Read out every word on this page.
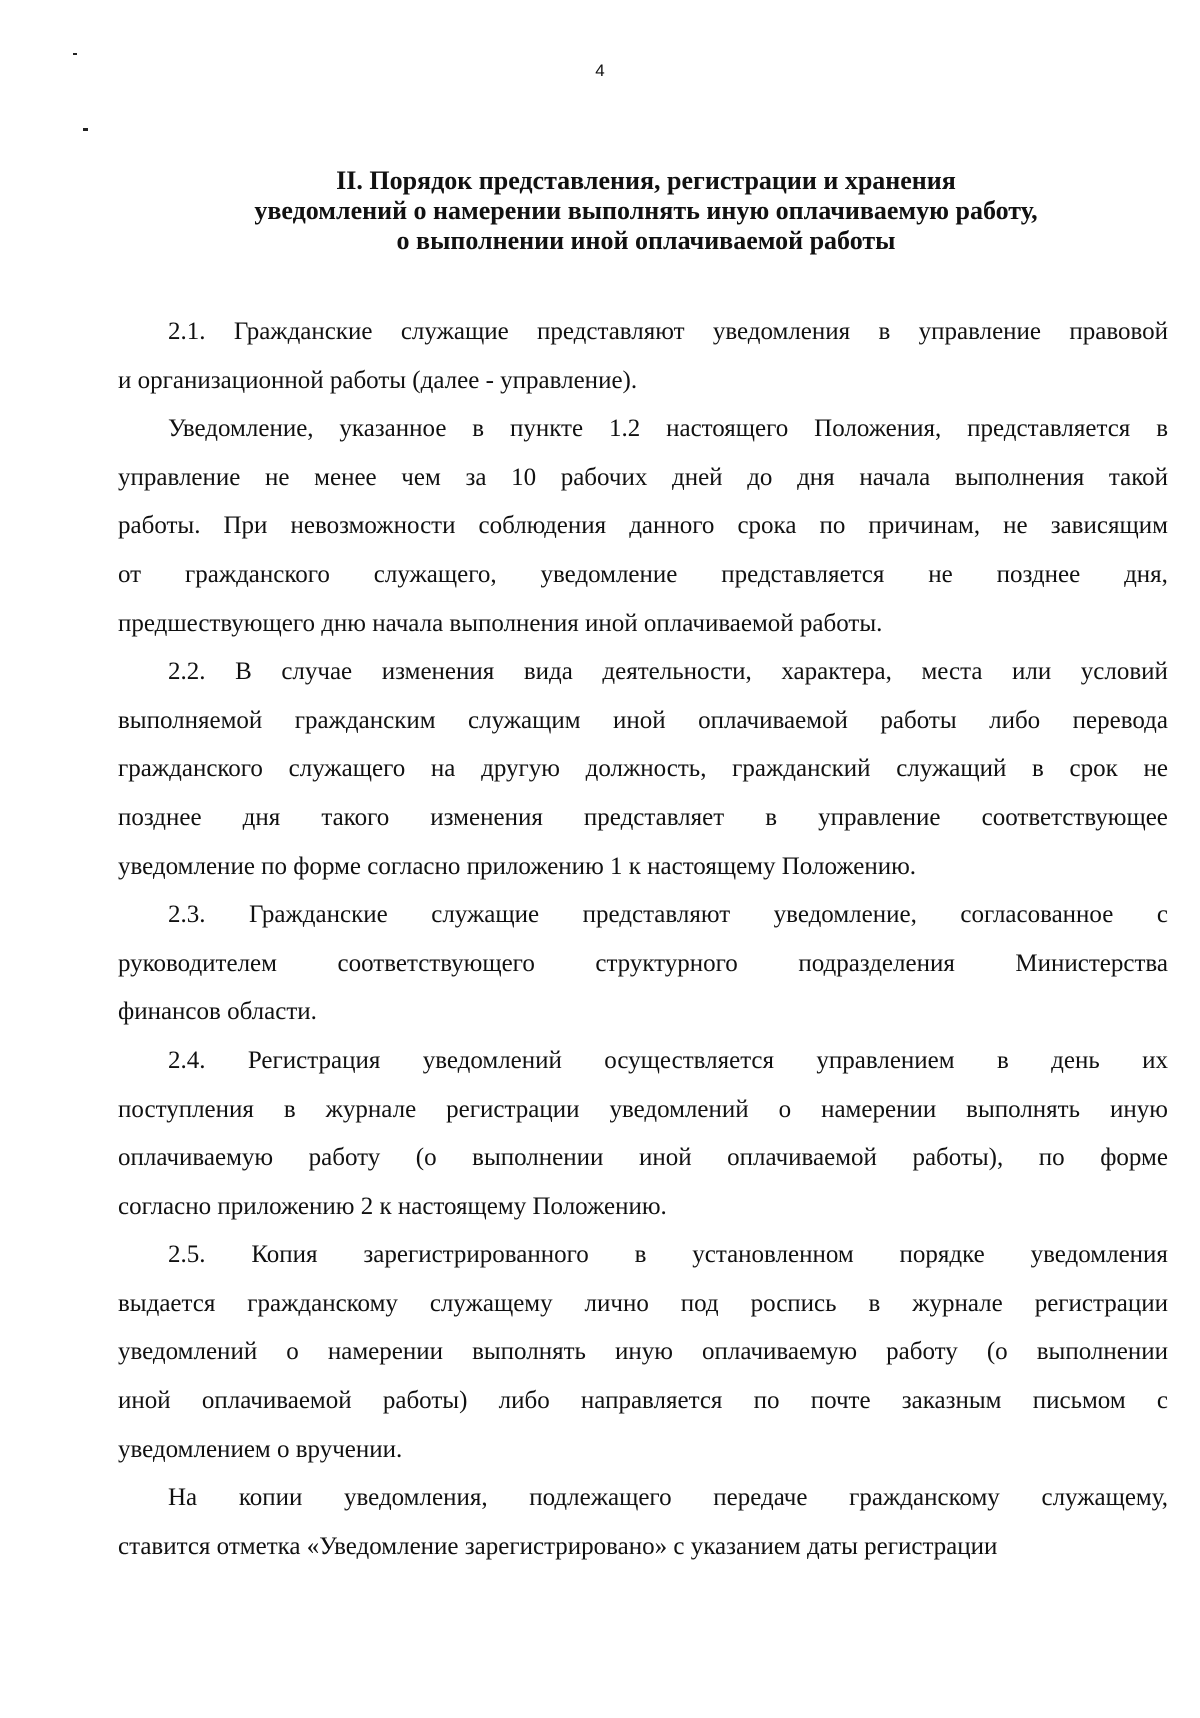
4
II. Порядок представления, регистрации и хранения
уведомлений о намерении выполнять иную оплачиваемую работу,
о выполнении иной оплачиваемой работы
2.1. Гражданские служащие представляют уведомления в управление правовой
и организационной работы (далее - управление).
Уведомление, указанное в пункте 1.2 настоящего Положения, представляется в
управление не менее чем за 10 рабочих дней до дня начала выполнения такой
работы. При невозможности соблюдения данного срока по причинам, не зависящим
от гражданского служащего, уведомление представляется не позднее дня,
предшествующего дню начала выполнения иной оплачиваемой работы.
2.2. В случае изменения вида деятельности, характера, места или условий
выполняемой гражданским служащим иной оплачиваемой работы либо перевода
гражданского служащего на другую должность, гражданский служащий в срок не
позднее дня такого изменения представляет в управление соответствующее
уведомление по форме согласно приложению 1 к настоящему Положению.
2.3. Гражданские служащие представляют уведомление, согласованное с
руководителем соответствующего структурного подразделения Министерства
финансов области.
2.4. Регистрация уведомлений осуществляется управлением в день их
поступления в журнале регистрации уведомлений о намерении выполнять иную
оплачиваемую работу (о выполнении иной оплачиваемой работы), по форме
согласно приложению 2 к настоящему Положению.
2.5. Копия зарегистрированного в установленном порядке уведомления
выдается гражданскому служащему лично под роспись в журнале регистрации
уведомлений о намерении выполнять иную оплачиваемую работу (о выполнении
иной оплачиваемой работы) либо направляется по почте заказным письмом с
уведомлением о вручении.
На копии уведомления, подлежащего передаче гражданскому служащему,
ставится отметка «Уведомление зарегистрировано» с указанием даты регистрации
